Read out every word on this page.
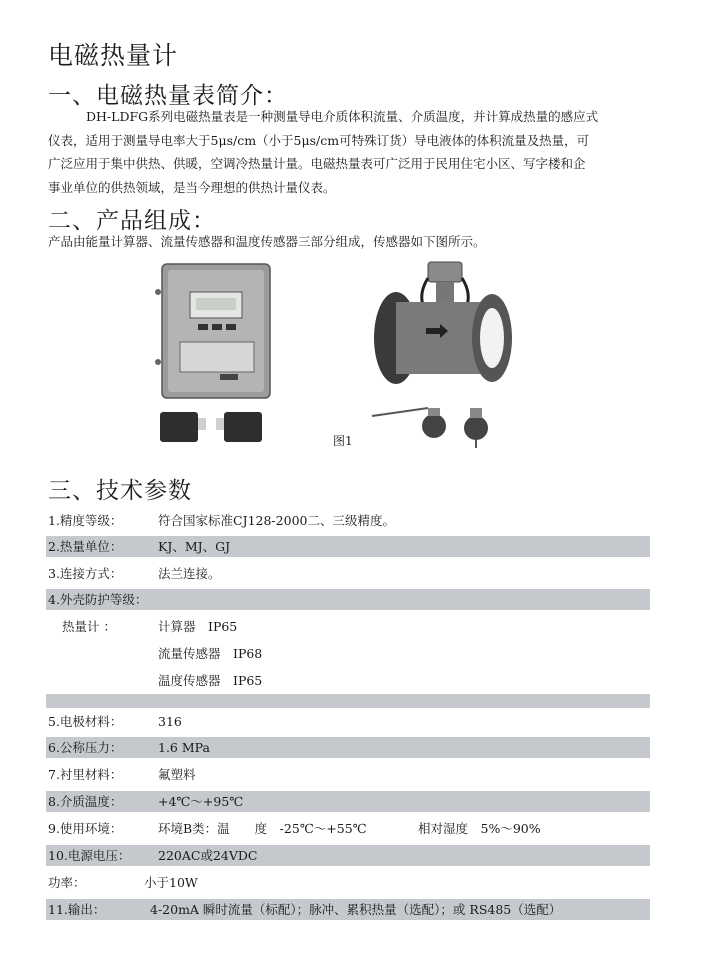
电磁热量计
一、电磁热量表简介：

DH-LDFG系列电磁热量表是一种测量导电介质体积流量、介质温度，并计算成热量的感应式

仪表，适用于测量导电率大于5μs/cm（小于5μs/cm可特殊订货）导电液体的体积流量及热量，可

广泛应用于集中供热、供暖，空调冷热量计量。电磁热量表可广泛用于民用住宅小区、写字楼和企

事业单位的供热领域，是当今理想的供热计量仪表。

二、产品组成：
产品由能量计算器、流量传感器和温度传感器三部分组成，传感器如下图所示。
图1
三、技术参数
1.精度等级：	符合国家标准CJ128-2000二、三级精度。
2.热量单位：	KJ、MJ、GJ
3.连接方式：	法兰连接。
4.外壳防护等级：
热量计 ：	计算器　IP65
流量传感器　IP68
温度传感器　IP65
5.电极材料：	316
6.公称压力：	1.6 MPa
7.衬里材料：	氟塑料
8.介质温度：	+4℃～+95℃
9.使用环境：	环境B类：温　　度　-25℃～+55℃	相对湿度　5%～90%
10.电源电压： 220AC或24VDC
功率：	小于10W
11.输出：	4-20mA 瞬时流量（标配）；脉冲、累积热量（选配）；或 RS485（选配）
